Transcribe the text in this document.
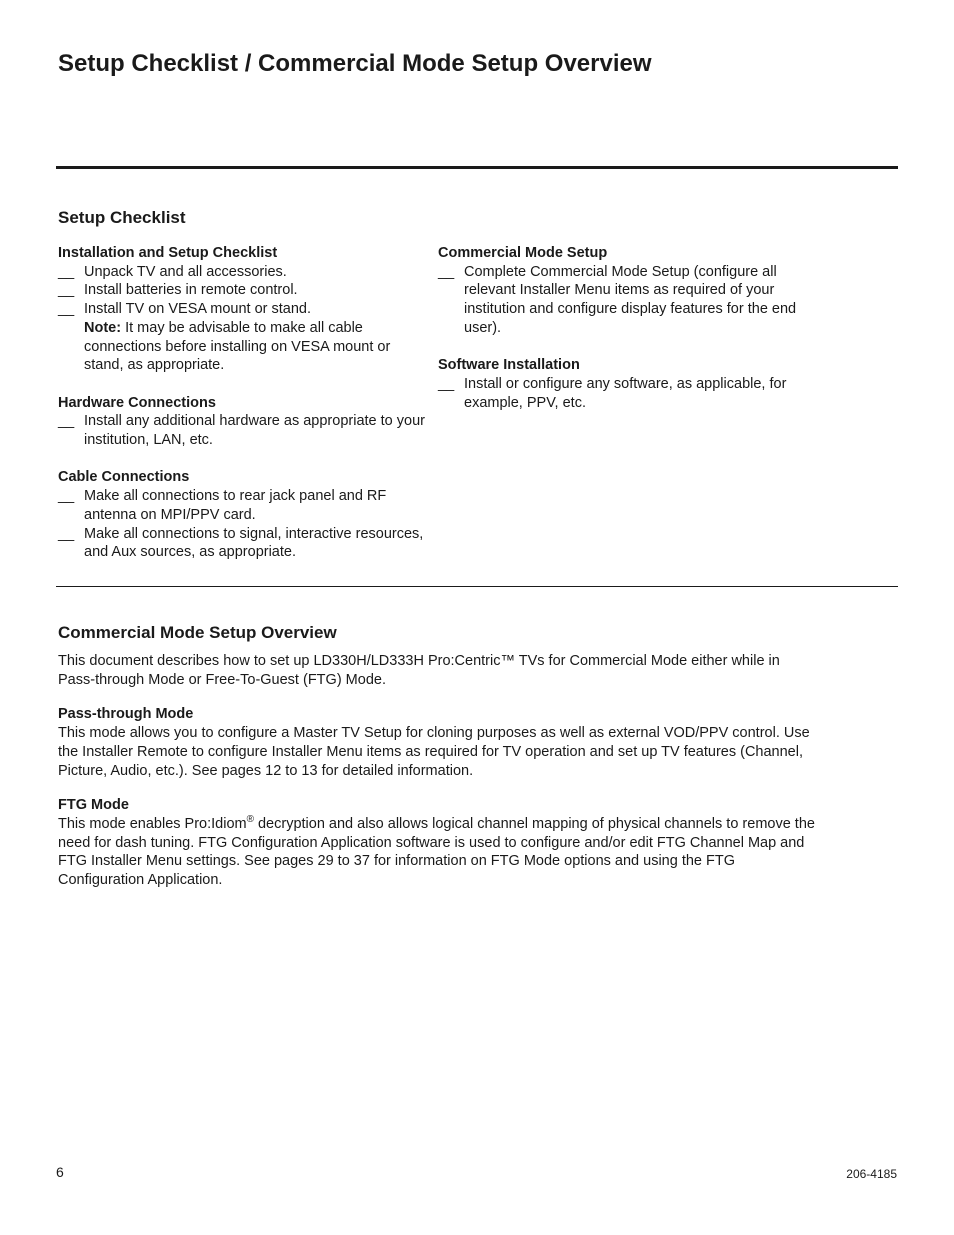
Setup Checklist / Commercial Mode Setup Overview
Setup Checklist

Installation and Setup Checklist

__ Unpack TV and all accessories.

__ Install batteries in remote control.

__ Install TV on VESA mount or stand.

Note: It may be advisable to make all cable connections before installing on VESA mount or stand, as appropriate.

Hardware Connections

__ Install any additional hardware as appropriate to your institution, LAN, etc.

Cable Connections

__ Make all connections to rear jack panel and RF antenna on MPI/PPV card.

__ Make all connections to signal, interactive resources, and Aux sources, as appropriate.

Commercial Mode Setup

__ Complete Commercial Mode Setup (configure all relevant Installer Menu items as required of your institution and configure display features for the end user).

Software Installation

__ Install or configure any software, as applicable, for example, PPV, etc.

Commercial Mode Setup Overview

This document describes how to set up LD330H/LD333H Pro:Centric™ TVs for Commercial Mode either while in Pass-through Mode or Free-To-Guest (FTG) Mode.

Pass-through Mode

This mode allows you to configure a Master TV Setup for cloning purposes as well as external VOD/PPV control. Use the Installer Remote to configure Installer Menu items as required for TV operation and set up TV features (Channel, Picture, Audio, etc.). See pages 12 to 13 for detailed information.

FTG Mode

This mode enables Pro:Idiom® decryption and also allows logical channel mapping of physical channels to remove the need for dash tuning. FTG Configuration Application software is used to configure and/or edit FTG Channel Map and FTG Installer Menu settings. See pages 29 to 37 for information on FTG Mode options and using the FTG Configuration Application.

6	206-4185
